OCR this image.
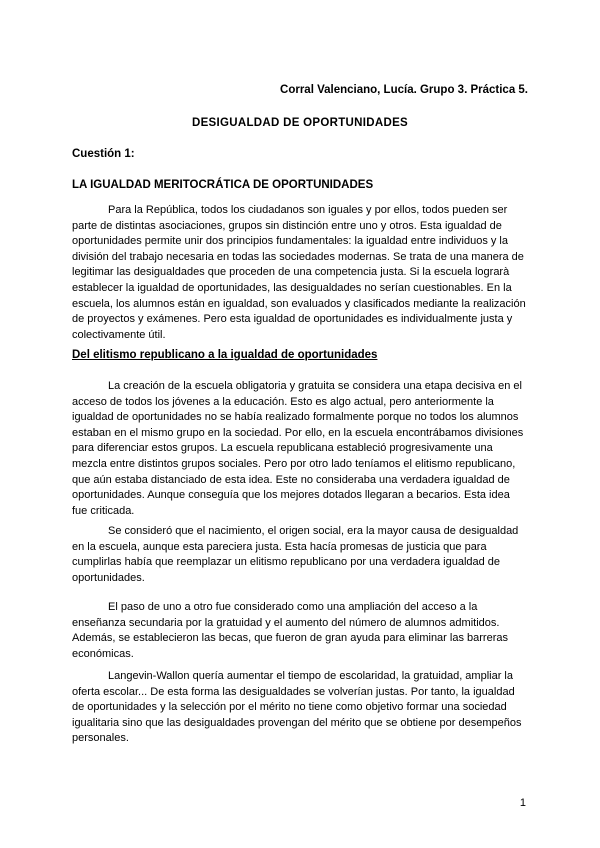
Corral Valenciano, Lucía. Grupo 3. Práctica 5.
DESIGUALDAD DE OPORTUNIDADES
Cuestión 1:
LA IGUALDAD MERITOCRÁTICA DE OPORTUNIDADES

Para la República, todos los ciudadanos son iguales y por ellos, todos pueden ser parte de distintas asociaciones, grupos sin distinción entre uno y otros. Esta igualdad de oportunidades permite unir dos principios fundamentales: la igualdad entre individuos y la división del trabajo necesaria en todas las sociedades modernas. Se trata de una manera de legitimar las desigualdades que proceden de una competencia justa. Si la escuela lograrà establecer la igualdad de oportunidades, las desigualdades no serían cuestionables. En la escuela, los alumnos están en igualdad, son evaluados y clasificados mediante la realización de proyectos y exámenes. Pero esta igualdad de oportunidades es individualmente justa y colectivamente útil.

Del elitismo republicano a la igualdad de oportunidades

La creación de la escuela obligatoria y gratuita se considera una etapa decisiva en el acceso de todos los jóvenes a la educación. Esto es algo actual, pero anteriormente la igualdad de oportunidades no se había realizado formalmente porque no todos los alumnos estaban en el mismo grupo en la sociedad. Por ello, en la escuela encontrábamos divisiones para diferenciar estos grupos. La escuela republicana estableció progresivamente una mezcla entre distintos grupos sociales. Pero por otro lado teníamos el elitismo republicano, que aún estaba distanciado de esta idea. Este no consideraba una verdadera igualdad de oportunidades. Aunque conseguía que los mejores dotados llegaran a becarios. Esta idea fue criticada.

Se consideró que el nacimiento, el origen social, era la mayor causa de desigualdad en la escuela, aunque esta pareciera justa. Esta hacía promesas de justicia que para cumplirlas había que reemplazar un elitismo republicano por una verdadera igualdad de oportunidades.

El paso de uno a otro fue considerado como una ampliación del acceso a la enseñanza secundaria por la gratuidad y el aumento del número de alumnos admitidos. Además, se establecieron las becas, que fueron de gran ayuda para eliminar las barreras económicas.

Langevin-Wallon quería aumentar el tiempo de escolaridad, la gratuidad, ampliar la oferta escolar... De esta forma las desigualdades se volverían justas. Por tanto, la igualdad de oportunidades y la selección por el mérito no tiene como objetivo formar una sociedad igualitaria sino que las desigualdades provengan del mérito que se obtiene por desempeños personales.

1
